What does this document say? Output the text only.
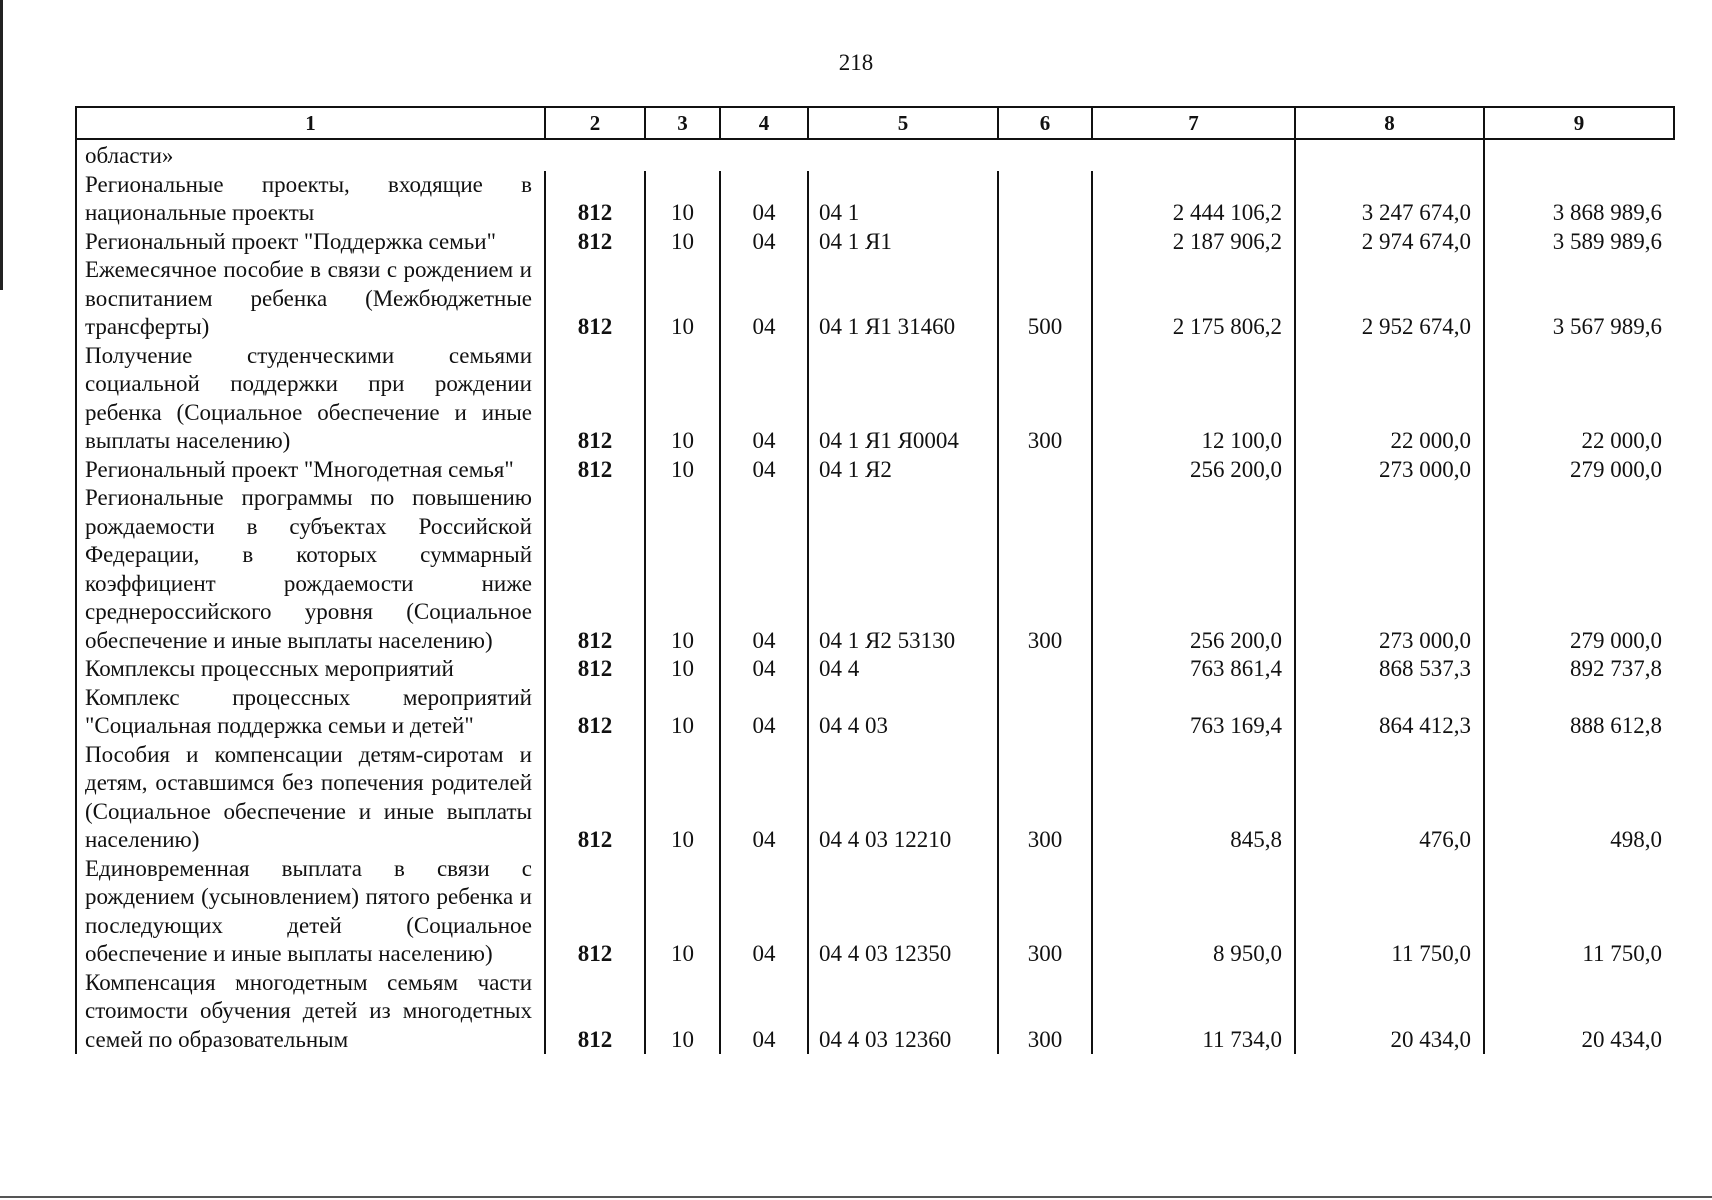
218
1	2	3	4	5	6	7	8	9
области»								
Региональные проекты, входящие в национальные проекты	812	10	04	04 1		2 444 106,2	3 247 674,0	3 868 989,6
Региональный проект "Поддержка семьи"	812	10	04	04 1 Я1		2 187 906,2	2 974 674,0	3 589 989,6
Ежемесячное пособие в связи с рождением и воспитанием ребенка (Межбюджетные трансферты)	812	10	04	04 1 Я1 31460	500	2 175 806,2	2 952 674,0	3 567 989,6
Получение студенческими семьями социальной поддержки при рождении ребенка (Социальное обеспечение и иные выплаты населению)	812	10	04	04 1 Я1 Я0004	300	12 100,0	22 000,0	22 000,0
Региональный проект "Многодетная семья"	812	10	04	04 1 Я2		256 200,0	273 000,0	279 000,0
Региональные программы по повышению рождаемости в субъектах Российской Федерации, в которых суммарный коэффициент рождаемости ниже среднероссийского уровня (Социальное обеспечение и иные выплаты населению)	812	10	04	04 1 Я2 53130	300	256 200,0	273 000,0	279 000,0
Комплексы процессных мероприятий	812	10	04	04 4		763 861,4	868 537,3	892 737,8
Комплекс процессных мероприятий "Социальная поддержка семьи и детей"	812	10	04	04 4 03		763 169,4	864 412,3	888 612,8
Пособия и компенсации детям-сиротам и детям, оставшимся без попечения родителей (Социальное обеспечение и иные выплаты населению)	812	10	04	04 4 03 12210	300	845,8	476,0	498,0
Единовременная выплата в связи с рождением (усыновлением) пятого ребенка и последующих детей (Социальное обеспечение и иные выплаты населению)	812	10	04	04 4 03 12350	300	8 950,0	11 750,0	11 750,0
Компенсация многодетным семьям части стоимости обучения детей из многодетных семей по образовательным	812	10	04	04 4 03 12360	300	11 734,0	20 434,0	20 434,0
